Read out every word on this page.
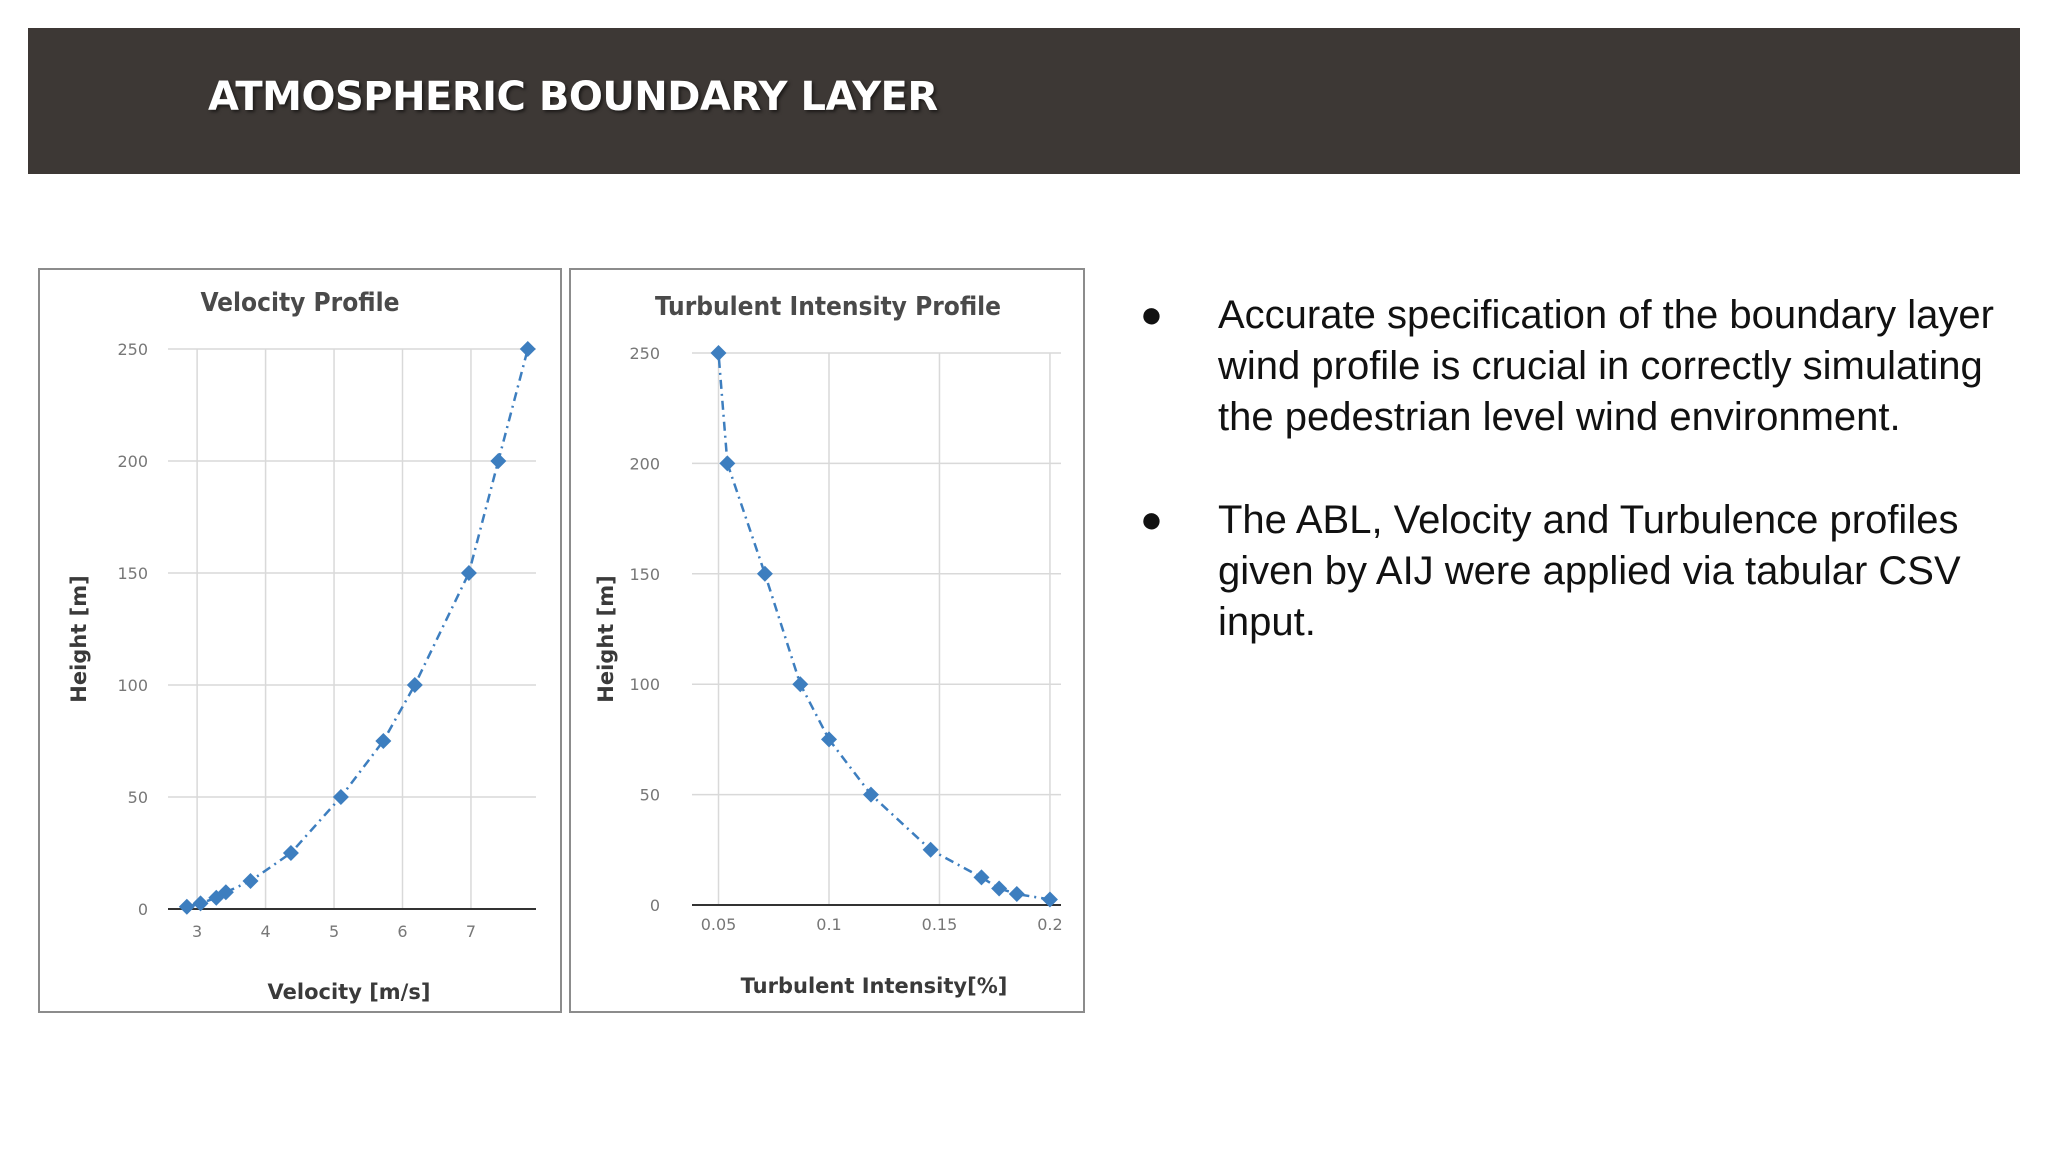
ATMOSPHERIC BOUNDARY LAYER
0
50
100
150
200
250
3	4	5	6	7
Velocity Profile
Velocity [m/s]
Height [m]
0
50
100
150
200
250
0.05	0.1	0.15	0.2
Turbulent Intensity Profile
Turbulent Intensity[%]
Height [m]
● Accurate specification of the boundary layer wind profile is crucial in correctly simulating the pedestrian level wind environment.
● The ABL, Velocity and Turbulence profiles given by AIJ were applied via tabular CSV input.
